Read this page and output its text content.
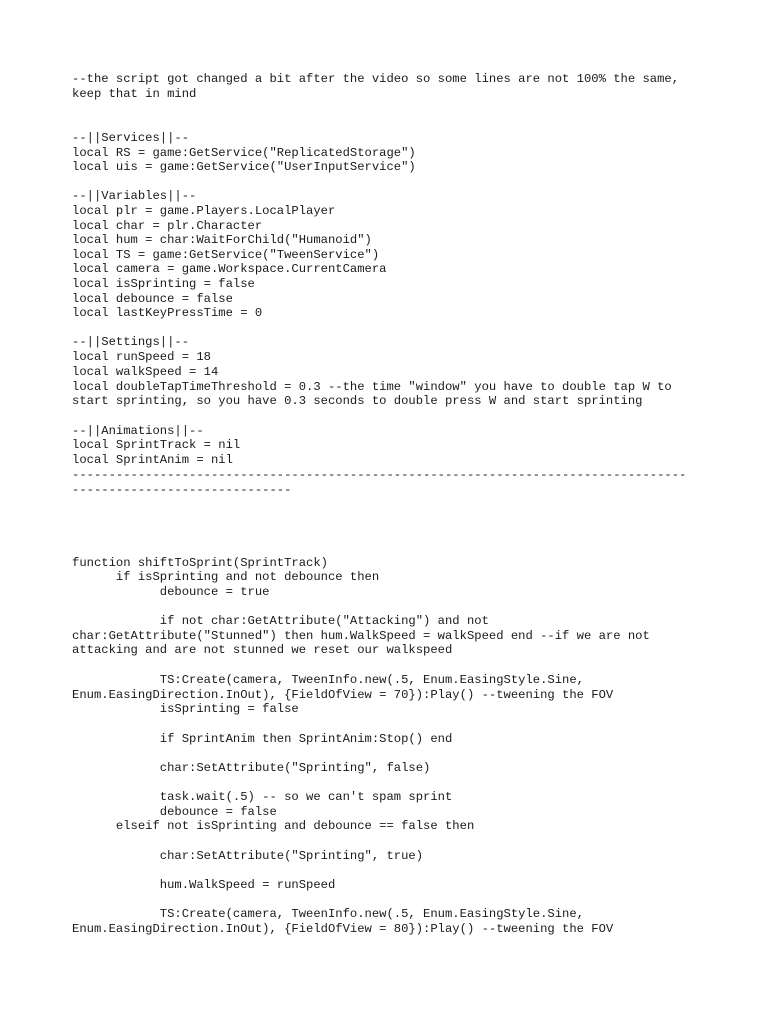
--the script got changed a bit after the video so some lines are not 100% the same,
keep that in mind
--||Services||--
local RS = game:GetService("ReplicatedStorage")
local uis = game:GetService("UserInputService")
--||Variables||--
local plr = game.Players.LocalPlayer
local char = plr.Character
local hum = char:WaitForChild("Humanoid")
local TS = game:GetService("TweenService")
local camera = game.Workspace.CurrentCamera
local isSprinting = false
local debounce = false
local lastKeyPressTime = 0
--||Settings||--
local runSpeed = 18
local walkSpeed = 14
local doubleTapTimeThreshold = 0.3 --the time "window" you have to double tap W to
start sprinting, so you have 0.3 seconds to double press W and start sprinting
--||Animations||--
local SprintTrack = nil
local SprintAnim = nil
------------------------------------------------------------------------------------
------------------------------
function shiftToSprint(SprintTrack)
if isSprinting and not debounce then
debounce = true
if not char:GetAttribute("Attacking") and not
char:GetAttribute("Stunned") then hum.WalkSpeed = walkSpeed end --if we are not
attacking and are not stunned we reset our walkspeed
TS:Create(camera, TweenInfo.new(.5, Enum.EasingStyle.Sine,
Enum.EasingDirection.InOut), {FieldOfView = 70}):Play() --tweening the FOV
isSprinting = false
if SprintAnim then SprintAnim:Stop() end
char:SetAttribute("Sprinting", false)
task.wait(.5) -- so we can't spam sprint
debounce = false
elseif not isSprinting and debounce == false then
char:SetAttribute("Sprinting", true)
hum.WalkSpeed = runSpeed
TS:Create(camera, TweenInfo.new(.5, Enum.EasingStyle.Sine,
Enum.EasingDirection.InOut), {FieldOfView = 80}):Play() --tweening the FOV
